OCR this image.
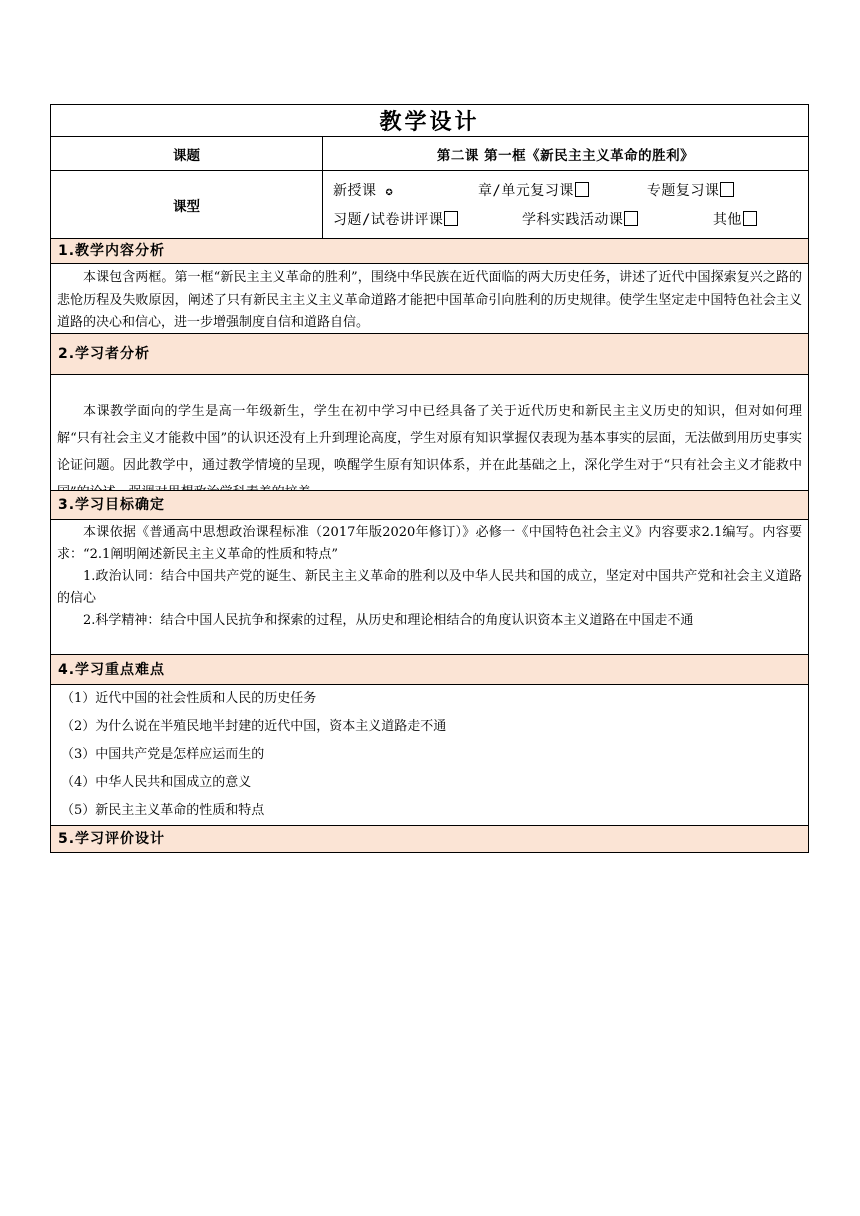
教学设计
课题	第二课 第一框《新民主主义革命的胜利》
课型
新授课 ✪	章/单元复习课	专题复习课
习题/试卷讲评课	学科实践活动课	其他
1.教学内容分析
本课包含两框。第一框“新民主主义革命的胜利”，围绕中华民族在近代面临的两大历史任务，讲述了近代中国探索复兴之路的悲怆历程及失败原因，阐述了只有新民主主义主义革命道路才能把中国革命引向胜利的历史规律。使学生坚定走中国特色社会主义道路的决心和信心，进一步增强制度自信和道路自信。
2.学习者分析
本课教学面向的学生是高一年级新生，学生在初中学习中已经具备了关于近代历史和新民主主义历史的知识，但对如何理解“只有社会主义才能救中国”的认识还没有上升到理论高度，学生对原有知识掌握仅表现为基本事实的层面，无法做到用历史事实论证问题。因此教学中，通过教学情境的呈现，唤醒学生原有知识体系，并在此基础之上，深化学生对于“只有社会主义才能救中
3.学习目标确定
本课依据《普通高中思想政治课程标准（2017年版2020年修订）》必修一《中国特色社会主义》内容要求2.1编写。内容要求：“2.1阐明阐述新民主主义革命的性质和特点”
1.政治认同：结合中国共产党的诞生、新民主主义革命的胜利以及中华人民共和国的成立，坚定对中国共产党和社会主义道路的信心
2.科学精神：结合中国人民抗争和探索的过程，从历史和理论相结合的角度认识资本主义道路在中国走不通
4.学习重点难点
（1）近代中国的社会性质和人民的历史任务
（2）为什么说在半殖民地半封建的近代中国，资本主义道路走不通
（3）中国共产党是怎样应运而生的
（4）中华人民共和国成立的意义
（5）新民主主义革命的性质和特点
5.学习评价设计
